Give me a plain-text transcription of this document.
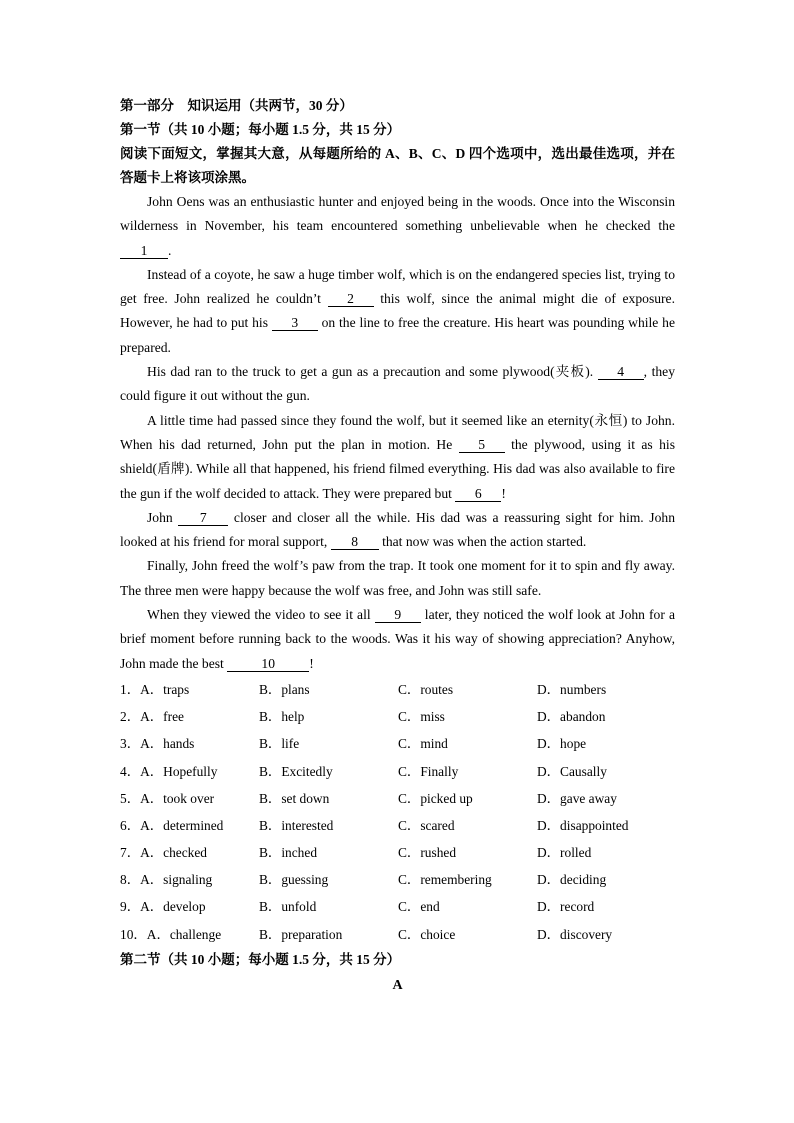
第一部分　知识运用（共两节，30 分）
第一节（共 10 小题；每小题 1.5 分，共 15 分）
阅读下面短文，掌握其大意，从每题所给的 A、B、C、D 四个选项中，选出最佳选项，并在答题卡上将该项涂黑。

John Oens was an enthusiastic hunter and enjoyed being in the woods. Once into the Wisconsin wilderness in November, his team encountered something unbelievable when he checked the 1 .

Instead of a coyote, he saw a huge timber wolf, which is on the endangered species list, trying to get free. John realized he couldn’t 2 this wolf, since the animal might die of exposure. However, he had to put his 3 on the line to free the creature. His heart was pounding while he prepared.

His dad ran to the truck to get a gun as a precaution and some plywood(夹板). 4 , they could figure it out without the gun.

A little time had passed since they found the wolf, but it seemed like an eternity(永恒) to John. When his dad returned, John put the plan in motion. He 5 the plywood, using it as his shield(盾牌). While all that happened, his friend filmed everything. His dad was also available to fire the gun if the wolf decided to attack. They were prepared but 6 !

John 7 closer and closer all the while. His dad was a reassuring sight for him. John looked at his friend for moral support, 8 that now was when the action started.

Finally, John freed the wolf’s paw from the trap. It took one moment for it to spin and fly away. The three men were happy because the wolf was free, and John was still safe.

When they viewed the video to see it all 9 later, they noticed the wolf look at John for a brief moment before running back to the woods. Was it his way of showing appreciation? Anyhow, John made the best	10	!

1．A．traps	B．plans	C．routes	D．numbers
2．A．free	B．help	C．miss	D．abandon
3．A．hands	B．life	C．mind	D．hope
4．A．Hopefully	B．Excitedly	C．Finally	D．Causally
5．A．took over	B．set down	C．picked up	D．gave away
6．A．determined	B．interested	C．scared	D．disappointed
7．A．checked	B．inched	C．rushed	D．rolled
8．A．signaling	B．guessing	C．remembering	D．deciding
9．A．develop	B．unfold	C．end	D．record
10．A．challenge	B．preparation	C．choice	D．discovery
第二节（共 10 小题；每小题 1.5 分，共 15 分）
A
